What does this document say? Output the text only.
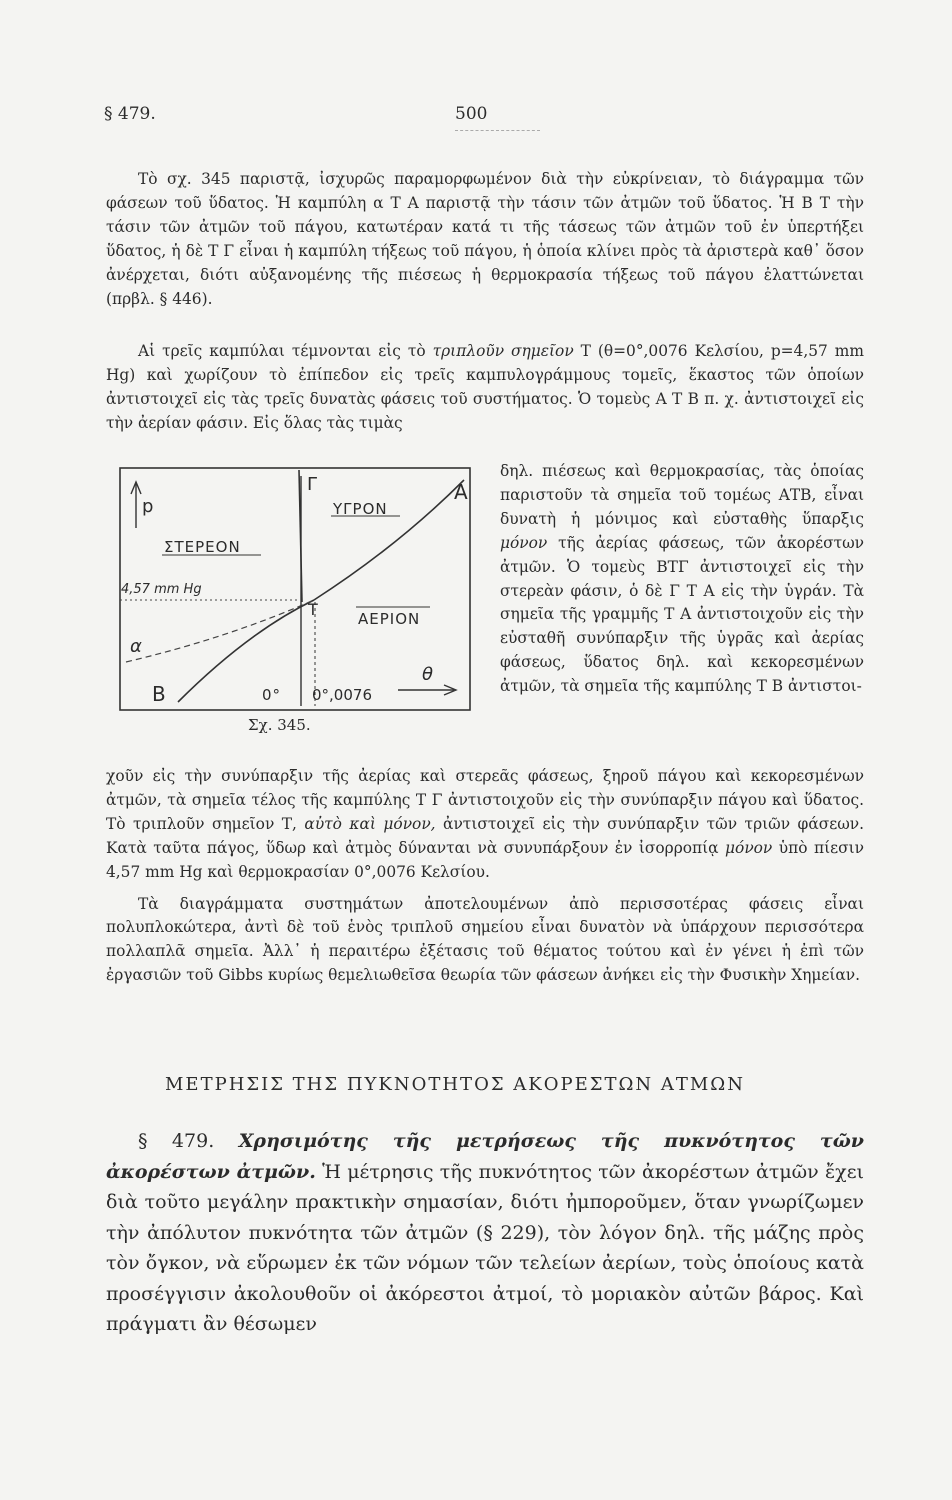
§ 479.	500

Τὸ σχ. 345 παριστᾷ, ἰσχυρῶς παραμορφωμένον διὰ τὴν εὐκρίνειαν, τὸ διάγραμμα τῶν φάσεων τοῦ ὕδατος. Ἡ καμπύλη α Τ Α παριστᾷ τὴν τάσιν τῶν ἀτμῶν τοῦ ὕδατος. Ἡ Β Τ τὴν τάσιν τῶν ἀτμῶν τοῦ πάγου, κατωτέραν κατά τι τῆς τάσεως τῶν ἀτμῶν τοῦ ἐν ὑπερτήξει ὕδατος, ἡ δὲ Τ Γ εἶναι ἡ καμπύλη τήξεως τοῦ πάγου, ἡ ὁποία κλίνει πρὸς τὰ ἀριστερὰ καθ᾽ ὅσον ἀνέρχεται, διότι αὐξανομένης τῆς πιέσεως ἡ θερμοκρασία τήξεως τοῦ πάγου ἐλαττώνεται (πρβλ. § 446).

Αἱ τρεῖς καμπύλαι τέμνονται εἰς τὸ τριπλοῦν σημεῖον Τ (θ=0°,0076 Κελσίου, p=4,57 mm Hg) καὶ χωρίζουν τὸ ἐπίπεδον εἰς τρεῖς καμπυλογράμμους τομεῖς, ἕκαστος τῶν ὁποίων ἀντιστοιχεῖ εἰς τὰς τρεῖς δυνατὰς φάσεις τοῦ συστήματος. Ὁ τομεὺς Α Τ Β π. χ. ἀντιστοιχεῖ εἰς τὴν ἀερίαν φάσιν. Εἰς ὅλας τὰς τιμὰς

p
ΣΤΕΡΕΟΝ
ΥΓΡΟΝ
ΑΕΡΙΟΝ
4,57 mm Hg
α
B
A
Γ
T
0° 0°,0076
θ
Σχ. 345.

δηλ. πιέσεως καὶ θερμοκρασίας, τὰς ὁποίας παριστοῦν τὰ σημεῖα τοῦ τομέως ΑΤΒ, εἶναι δυνατὴ ἡ μόνιμος καὶ εὐσταθὴς ὕπαρξις μόνον τῆς ἀερίας φάσεως, τῶν ἀκορέστων ἀτμῶν. Ὁ τομεὺς ΒΤΓ ἀντιστοιχεῖ εἰς τὴν στερεὰν φάσιν, ὁ δὲ Γ Τ Α εἰς τὴν ὑγράν. Τὰ σημεῖα τῆς γραμμῆς Τ Α ἀντιστοιχοῦν εἰς τὴν εὐσταθῆ συνύπαρξιν τῆς ὑγρᾶς καὶ ἀερίας φάσεως, ὕδατος δηλ. καὶ κεκορεσμένων ἀτμῶν, τὰ σημεῖα τῆς καμπύλης Τ Β ἀντιστοι-

χοῦν εἰς τὴν συνύπαρξιν τῆς ἀερίας καὶ στερεᾶς φάσεως, ξηροῦ πάγου καὶ κεκορεσμένων ἀτμῶν, τὰ σημεῖα τέλος τῆς καμπύλης Τ Γ ἀντιστοιχοῦν εἰς τὴν συνύπαρξιν πάγου καὶ ὕδατος. Τὸ τριπλοῦν σημεῖον Τ, αὐτὸ καὶ μόνον, ἀντιστοιχεῖ εἰς τὴν συνύπαρξιν τῶν τριῶν φάσεων. Κατὰ ταῦτα πάγος, ὕδωρ καὶ ἀτμὸς δύνανται νὰ συνυπάρξουν ἐν ἰσορροπίᾳ μόνον ὑπὸ πίεσιν 4,57 mm Hg καὶ θερμοκρασίαν 0°,0076 Κελσίου.

Τὰ διαγράμματα συστημάτων ἀποτελουμένων ἀπὸ περισσοτέρας φάσεις εἶναι πολυπλοκώτερα, ἀντὶ δὲ τοῦ ἑνὸς τριπλοῦ σημείου εἶναι δυνατὸν νὰ ὑπάρχουν περισσότερα πολλαπλᾶ σημεῖα. Ἀλλ᾽ ἡ περαιτέρω ἐξέτασις τοῦ θέματος τούτου καὶ ἐν γένει ἡ ἐπὶ τῶν ἐργασιῶν τοῦ Gibbs κυρίως θεμελιωθεῖσα θεωρία τῶν φάσεων ἀνήκει εἰς τὴν Φυσικὴν Χημείαν.

ΜΕΤΡΗΣΙΣ ΤΗΣ ΠΥΚΝΟΤΗΤΟΣ ΑΚΟΡΕΣΤΩΝ ΑΤΜΩΝ

§ 479. Χρησιμότης τῆς μετρήσεως τῆς πυκνότητος τῶν ἀκορέστων ἀτμῶν. Ἡ μέτρησις τῆς πυκνότητος τῶν ἀκορέστων ἀτμῶν ἔχει διὰ τοῦτο μεγάλην πρακτικὴν σημασίαν, διότι ἠμποροῦμεν, ὅταν γνωρίζωμεν τὴν ἀπόλυτον πυκνότητα τῶν ἀτμῶν (§ 229), τὸν λόγον δηλ. τῆς μάζης πρὸς τὸν ὄγκον, νὰ εὕρωμεν ἐκ τῶν νόμων τῶν τελείων ἀερίων, τοὺς ὁποίους κατὰ προσέγγισιν ἀκολουθοῦν οἱ ἀκόρεστοι ἀτμοί, τὸ μοριακὸν αὐτῶν βάρος. Καὶ πράγματι ἂν θέσωμεν
